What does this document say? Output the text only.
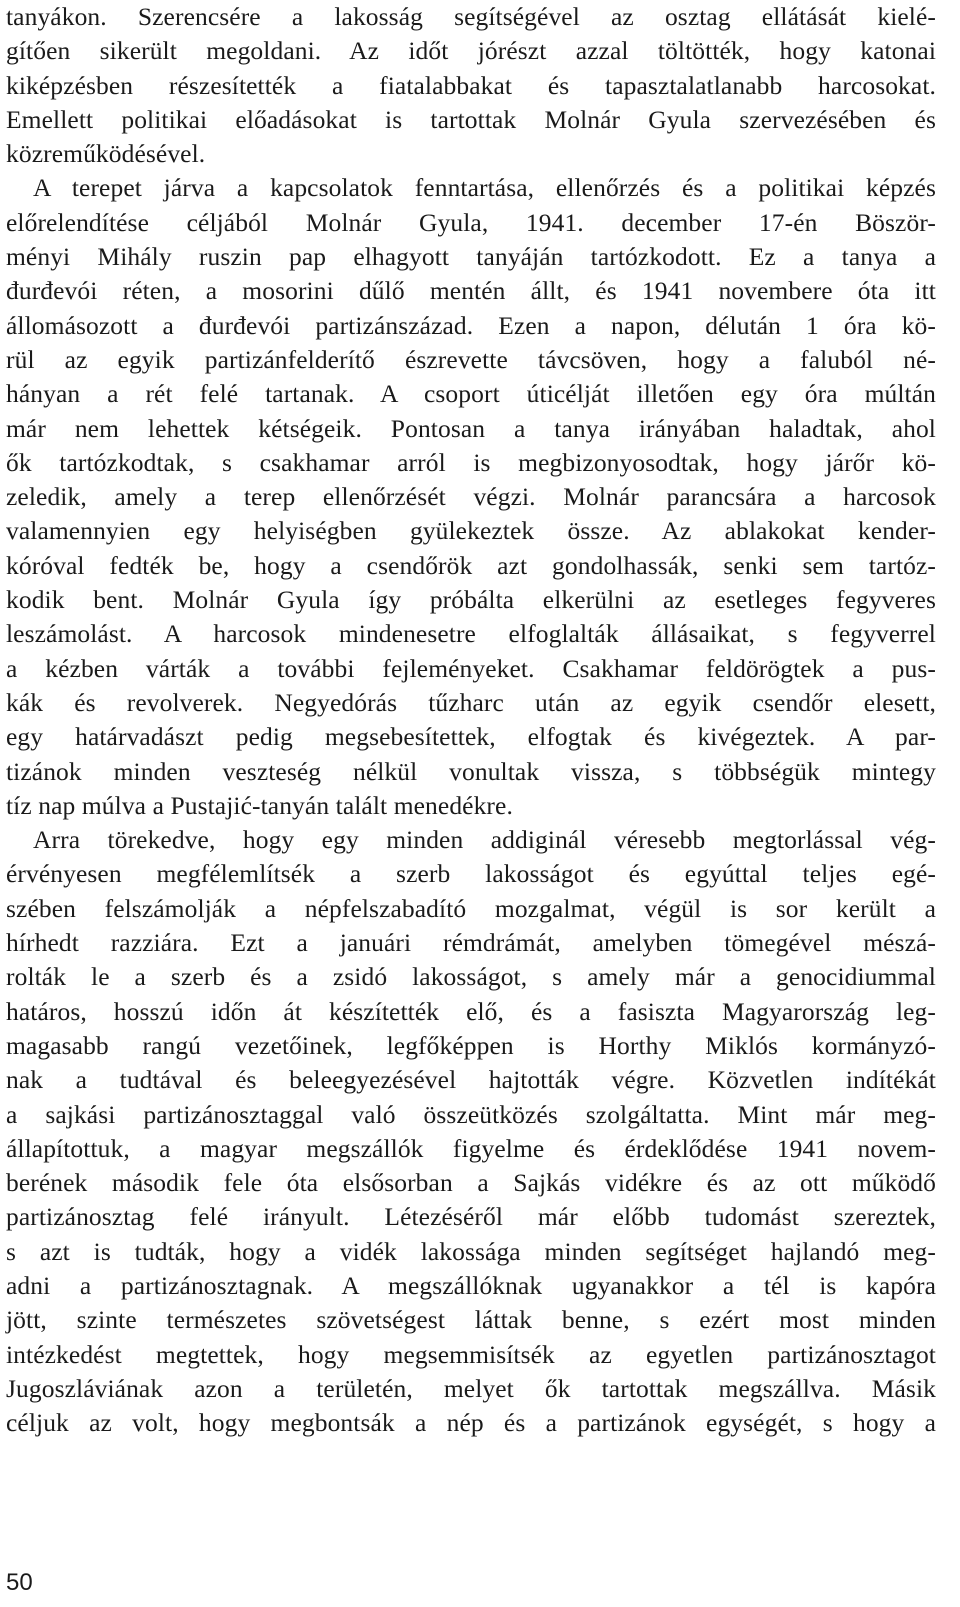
tanyákon. Szerencsére a lakosság segítségével az osztag ellátását kielé-
gítően sikerült megoldani. Az időt jórészt azzal töltötték, hogy katonai
kiképzésben részesítették a fiatalabbakat és tapasztalatlanabb harcosokat.
Emellett politikai előadásokat is tartottak Molnár Gyula szervezésében és
közreműködésével.
A terepet járva a kapcsolatok fenntartása, ellenőrzés és a politikai képzés
előrelendítése céljából Molnár Gyula, 1941. december 17-én Böször-
ményi Mihály ruszin pap elhagyott tanyáján tartózkodott. Ez a tanya a
đurđevói réten, a mosorini dűlő mentén állt, és 1941 novembere óta itt
állomásozott a đurđevói partizánszázad. Ezen a napon, délután 1 óra kö-
rül az egyik partizánfelderítő észrevette távcsöven, hogy a faluból né-
hányan a rét felé tartanak. A csoport úticélját illetően egy óra múltán
már nem lehettek kétségeik. Pontosan a tanya irányában haladtak, ahol
ők tartózkodtak, s csakhamar arról is megbizonyosodtak, hogy járőr kö-
zeledik, amely a terep ellenőrzését végzi. Molnár parancsára a harcosok
valamennyien egy helyiségben gyülekeztek össze. Az ablakokat kender-
kóróval fedték be, hogy a csendőrök azt gondolhassák, senki sem tartóz-
kodik bent. Molnár Gyula így próbálta elkerülni az esetleges fegyveres
leszámolást. A harcosok mindenesetre elfoglalták állásaikat, s fegyverrel
a kézben várták a további fejleményeket. Csakhamar feldörögtek a pus-
kák és revolverek. Negyedórás tűzharc után az egyik csendőr elesett,
egy határvadászt pedig megsebesítettek, elfogtak és kivégeztek. A par-
tizánok minden veszteség nélkül vonultak vissza, s többségük mintegy
tíz nap múlva a Pustajić-tanyán talált menedékre.
Arra törekedve, hogy egy minden addiginál véresebb megtorlással vég-
érvényesen megfélemlítsék a szerb lakosságot és egyúttal teljes egé-
szében felszámolják a népfelszabadító mozgalmat, végül is sor került a
hírhedt razziára. Ezt a januári rémdrámát, amelyben tömegével mészá-
rolták le a szerb és a zsidó lakosságot, s amely már a genocidiummal
határos, hosszú időn át készítették elő, és a fasiszta Magyarország leg-
magasabb rangú vezetőinek, legfőképpen is Horthy Miklós kormányzó-
nak a tudtával és beleegyezésével hajtották végre. Közvetlen indítékát
a sajkási partizánosztaggal való összeütközés szolgáltatta. Mint már meg-
állapítottuk, a magyar megszállók figyelme és érdeklődése 1941 novem-
berének második fele óta elsősorban a Sajkás vidékre és az ott működő
partizánosztag felé irányult. Létezéséről már előbb tudomást szereztek,
s azt is tudták, hogy a vidék lakossága minden segítséget hajlandó meg-
adni a partizánosztagnak. A megszállóknak ugyanakkor a tél is kapóra
jött, szinte természetes szövetségest láttak benne, s ezért most minden
intézkedést megtettek, hogy megsemmisítsék az egyetlen partizánosztagot
Jugoszláviának azon a területén, melyet ők tartottak megszállva. Másik
céljuk az volt, hogy megbontsák a nép és a partizánok egységét, s hogy a
50
